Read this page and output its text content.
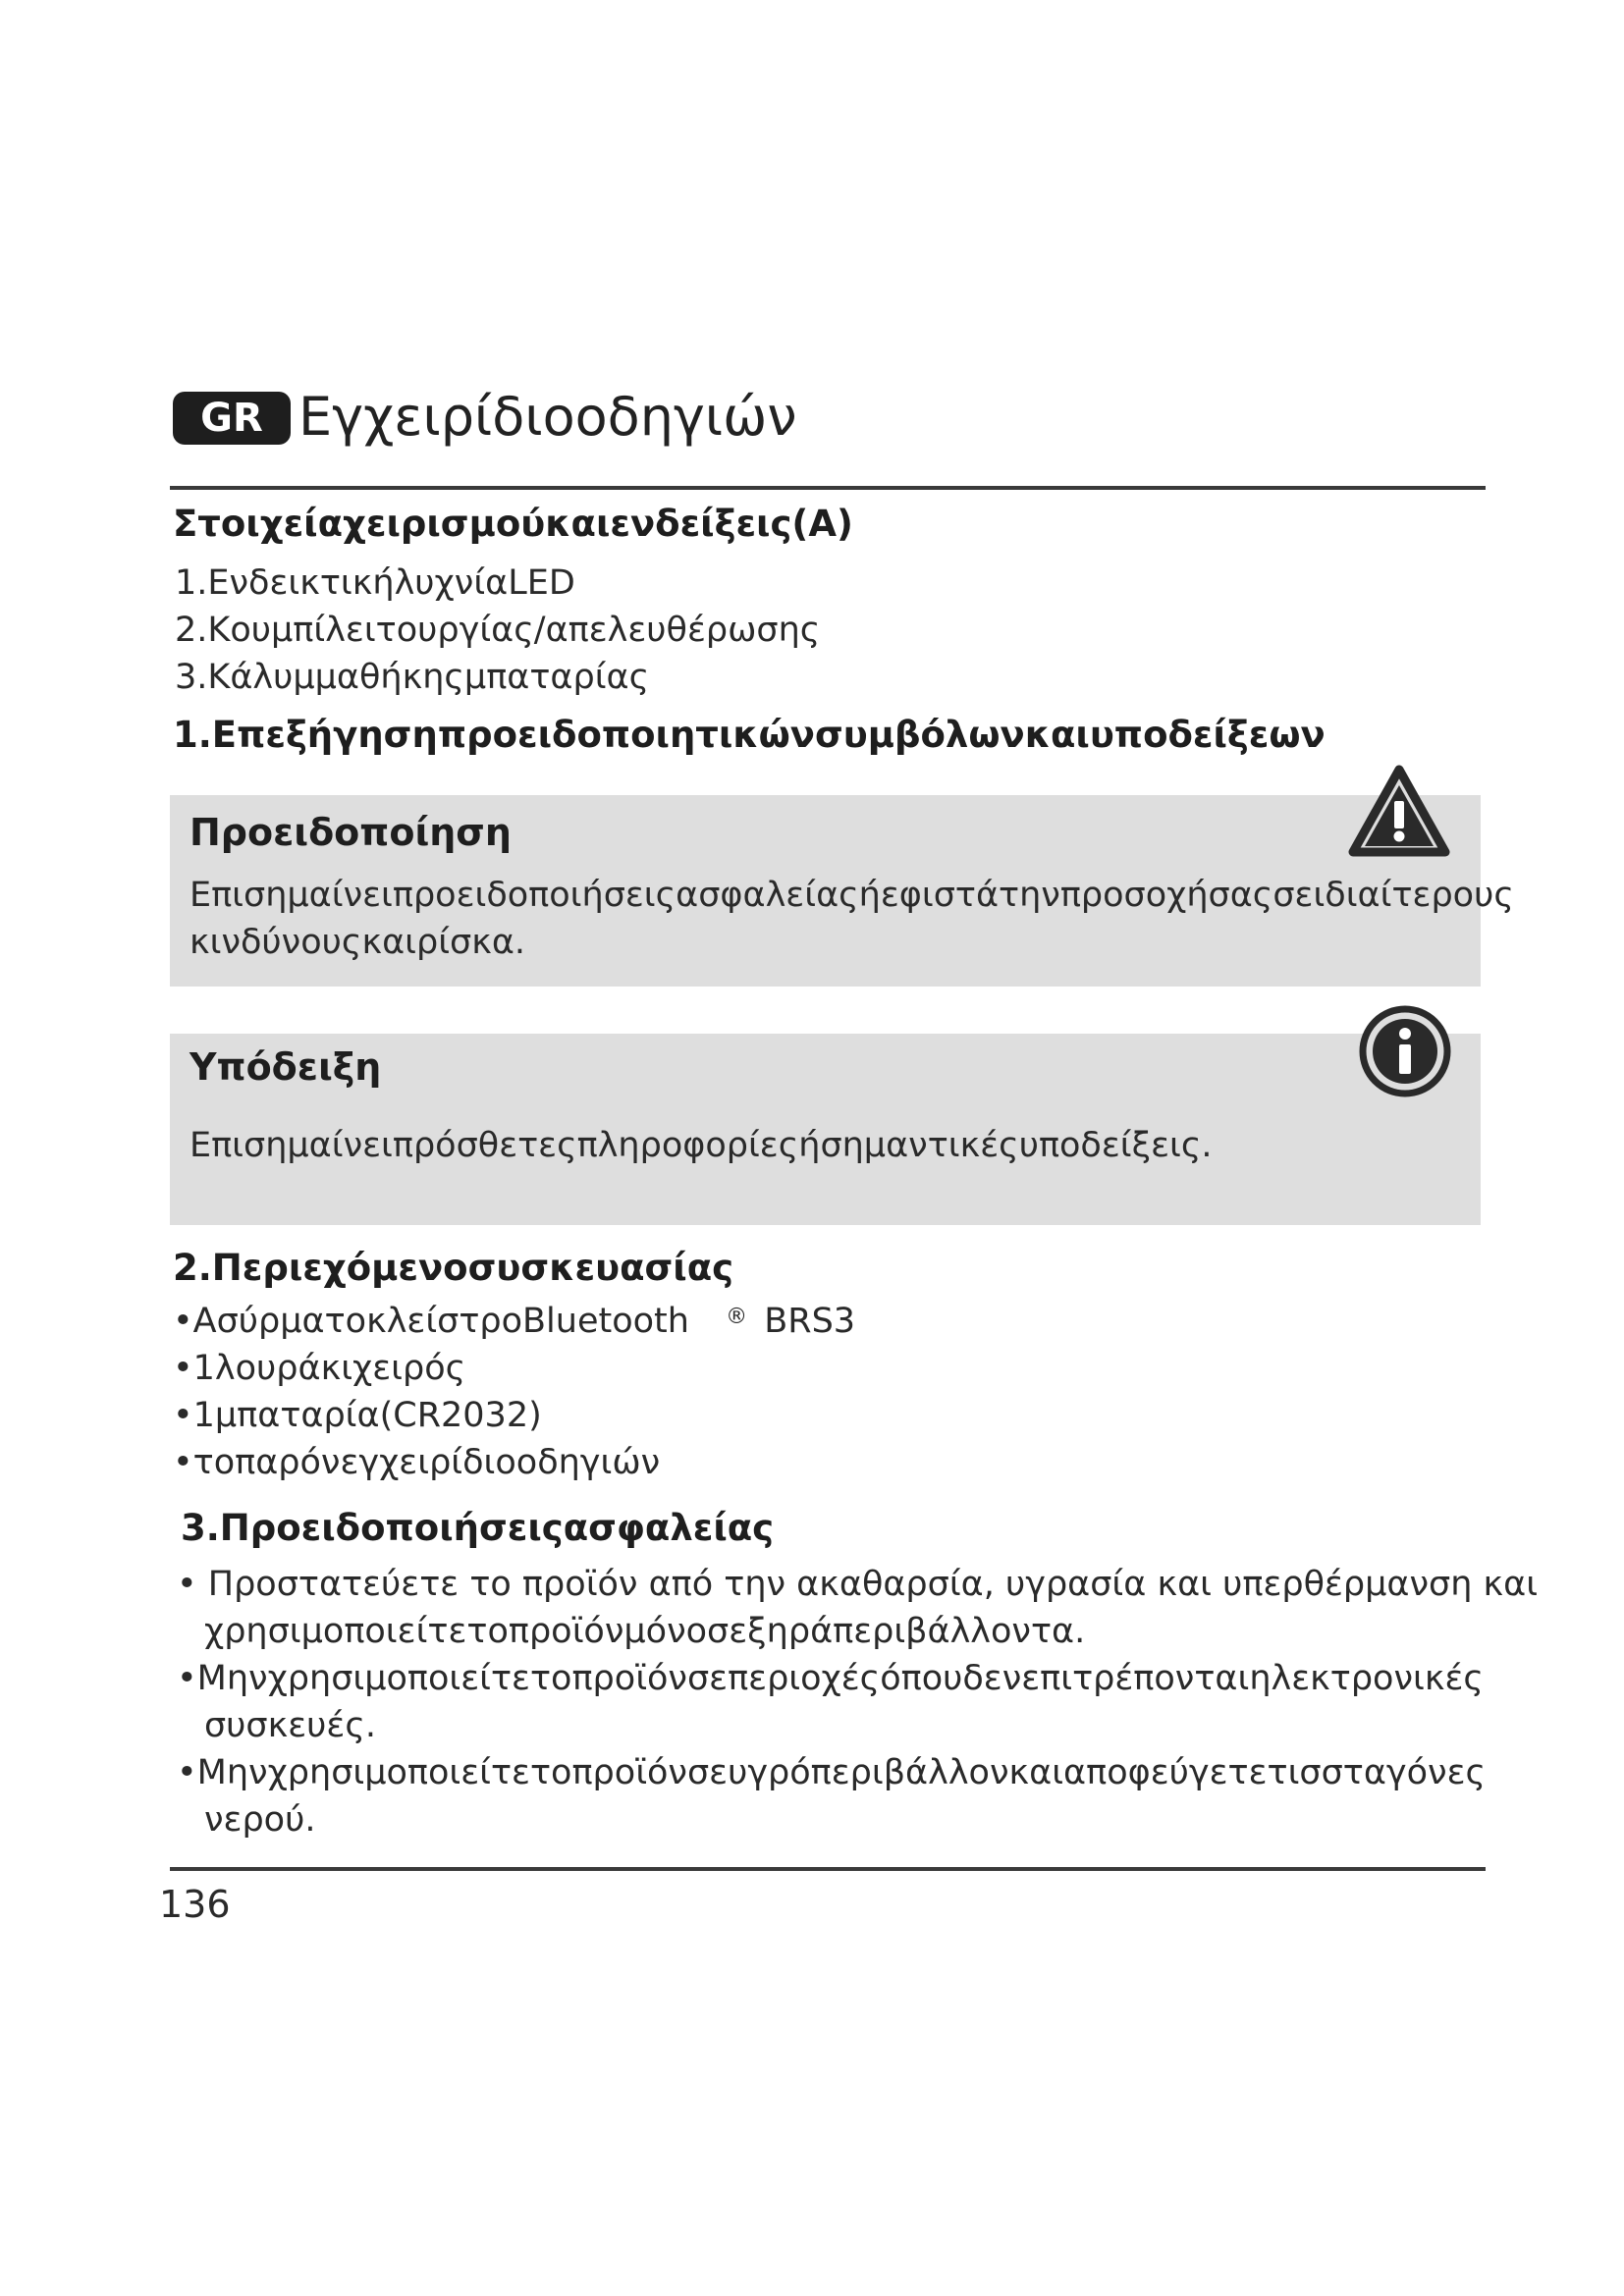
GR Εγχειρίδιοοδηγιών
Στοιχείαχειρισμούκαιενδείξεις(A)
1.ΕνδεικτικήλυχνίαLED
2.Κουμπίλειτουργίας/απελευθέρωσης
3.Κάλυμμαθήκηςμπαταρίας
1.Επεξήγησηπροειδοποιητικώνσυμβόλωνκαιυποδείξεων
Προειδοποίηση
Επισημαίνειπροειδοποιήσειςασφαλείαςήεφιστάτηνπροσοχήσαςσειδιαίτερους
κινδύνουςκαιρίσκα.
Υπόδειξη
Επισημαίνειπρόσθετεςπληροφορίεςήσημαντικέςυποδείξεις.
2.Περιεχόμενοσυσκευασίας
•ΑσύρματοκλείστροBluetooth ® BRS3
•1λουράκιχειρός
•1μπαταρία(CR2032)
•τοπαρόνεγχειρίδιοοδηγιών
3.Προειδοποιήσειςασφαλείας
• Προστατεύετε το προϊόν από την ακαθαρσία, υγρασία και υπερθέρμανση και
χρησιμοποιείτετοπροϊόνμόνοσεξηράπεριβάλλοντα.
•Μηνχρησιμοποιείτετοπροϊόνσεπεριοχέςόπουδενεπιτρέπονταιηλεκτρονικές
συσκευές.
•Μηνχρησιμοποιείτετοπροϊόνσευγρόπεριβάλλονκαιαποφεύγετετισσταγόνες
νερού.
136
